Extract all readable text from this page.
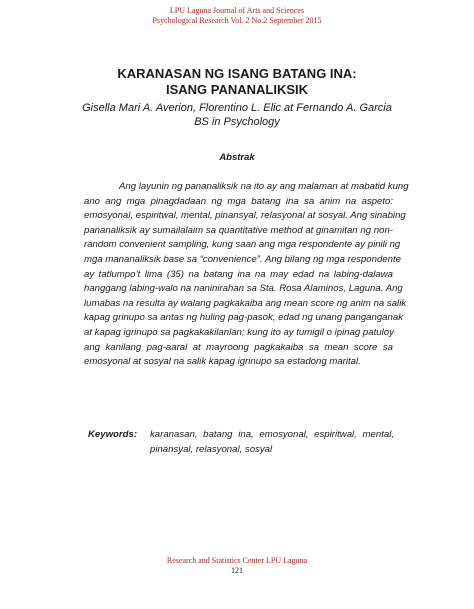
LPU Laguna Journal of Arts and Sciences
Psychological Research Vol. 2 No.2 September 2015
KARANASAN NG ISANG BATANG INA:
ISANG PANANALIKSIK
Gisella Mari A. Averion, Florentino L. Elic at Fernando A. Garcia
BS in Psychology
Abstrak
Ang layunin ng pananaliksik na ito ay ang malaman at mabatid kung
ano ang mga pinagdadaan ng mga batang ina sa anim na aspeto:
emosyonal, espiritwal, mental, pinansyal, relasyonal at sosyal. Ang sinabing
pananaliksik ay sumailalaim sa quantitative method at ginamitan ng non-
random convenient sampling, kung saan ang mga respondente ay pinili ng
mga mananaliksik base sa “convenience”. Ang bilang ng mga respondente
ay tatlumpo’t lima (35) na batang ina na may edad na labing-dalawa
hanggang labing-walo na naninirahan sa Sta. Rosa Alaminos, Laguna. Ang
lumabas na resulta ay walang pagkakaiba ang mean score ng anim na salik
kapag grinupo sa antas ng huling pag-pasok, edad ng unang panganganak
at kapag igrinupo sa pagkakakilanlan; kung ito ay tumigil o ipinag patuloy
ang kanilang pag-aaral at mayroong pagkakaiba sa mean score sa
emosyonal at sosyal na salik kapag igrinupo sa estadong marital.
Keywords: karanasan, batang ina, emosyonal, espiritwal, mental,
pinansyal, relasyonal, sosyal
Research and Statistics Center LPU Laguna
121
